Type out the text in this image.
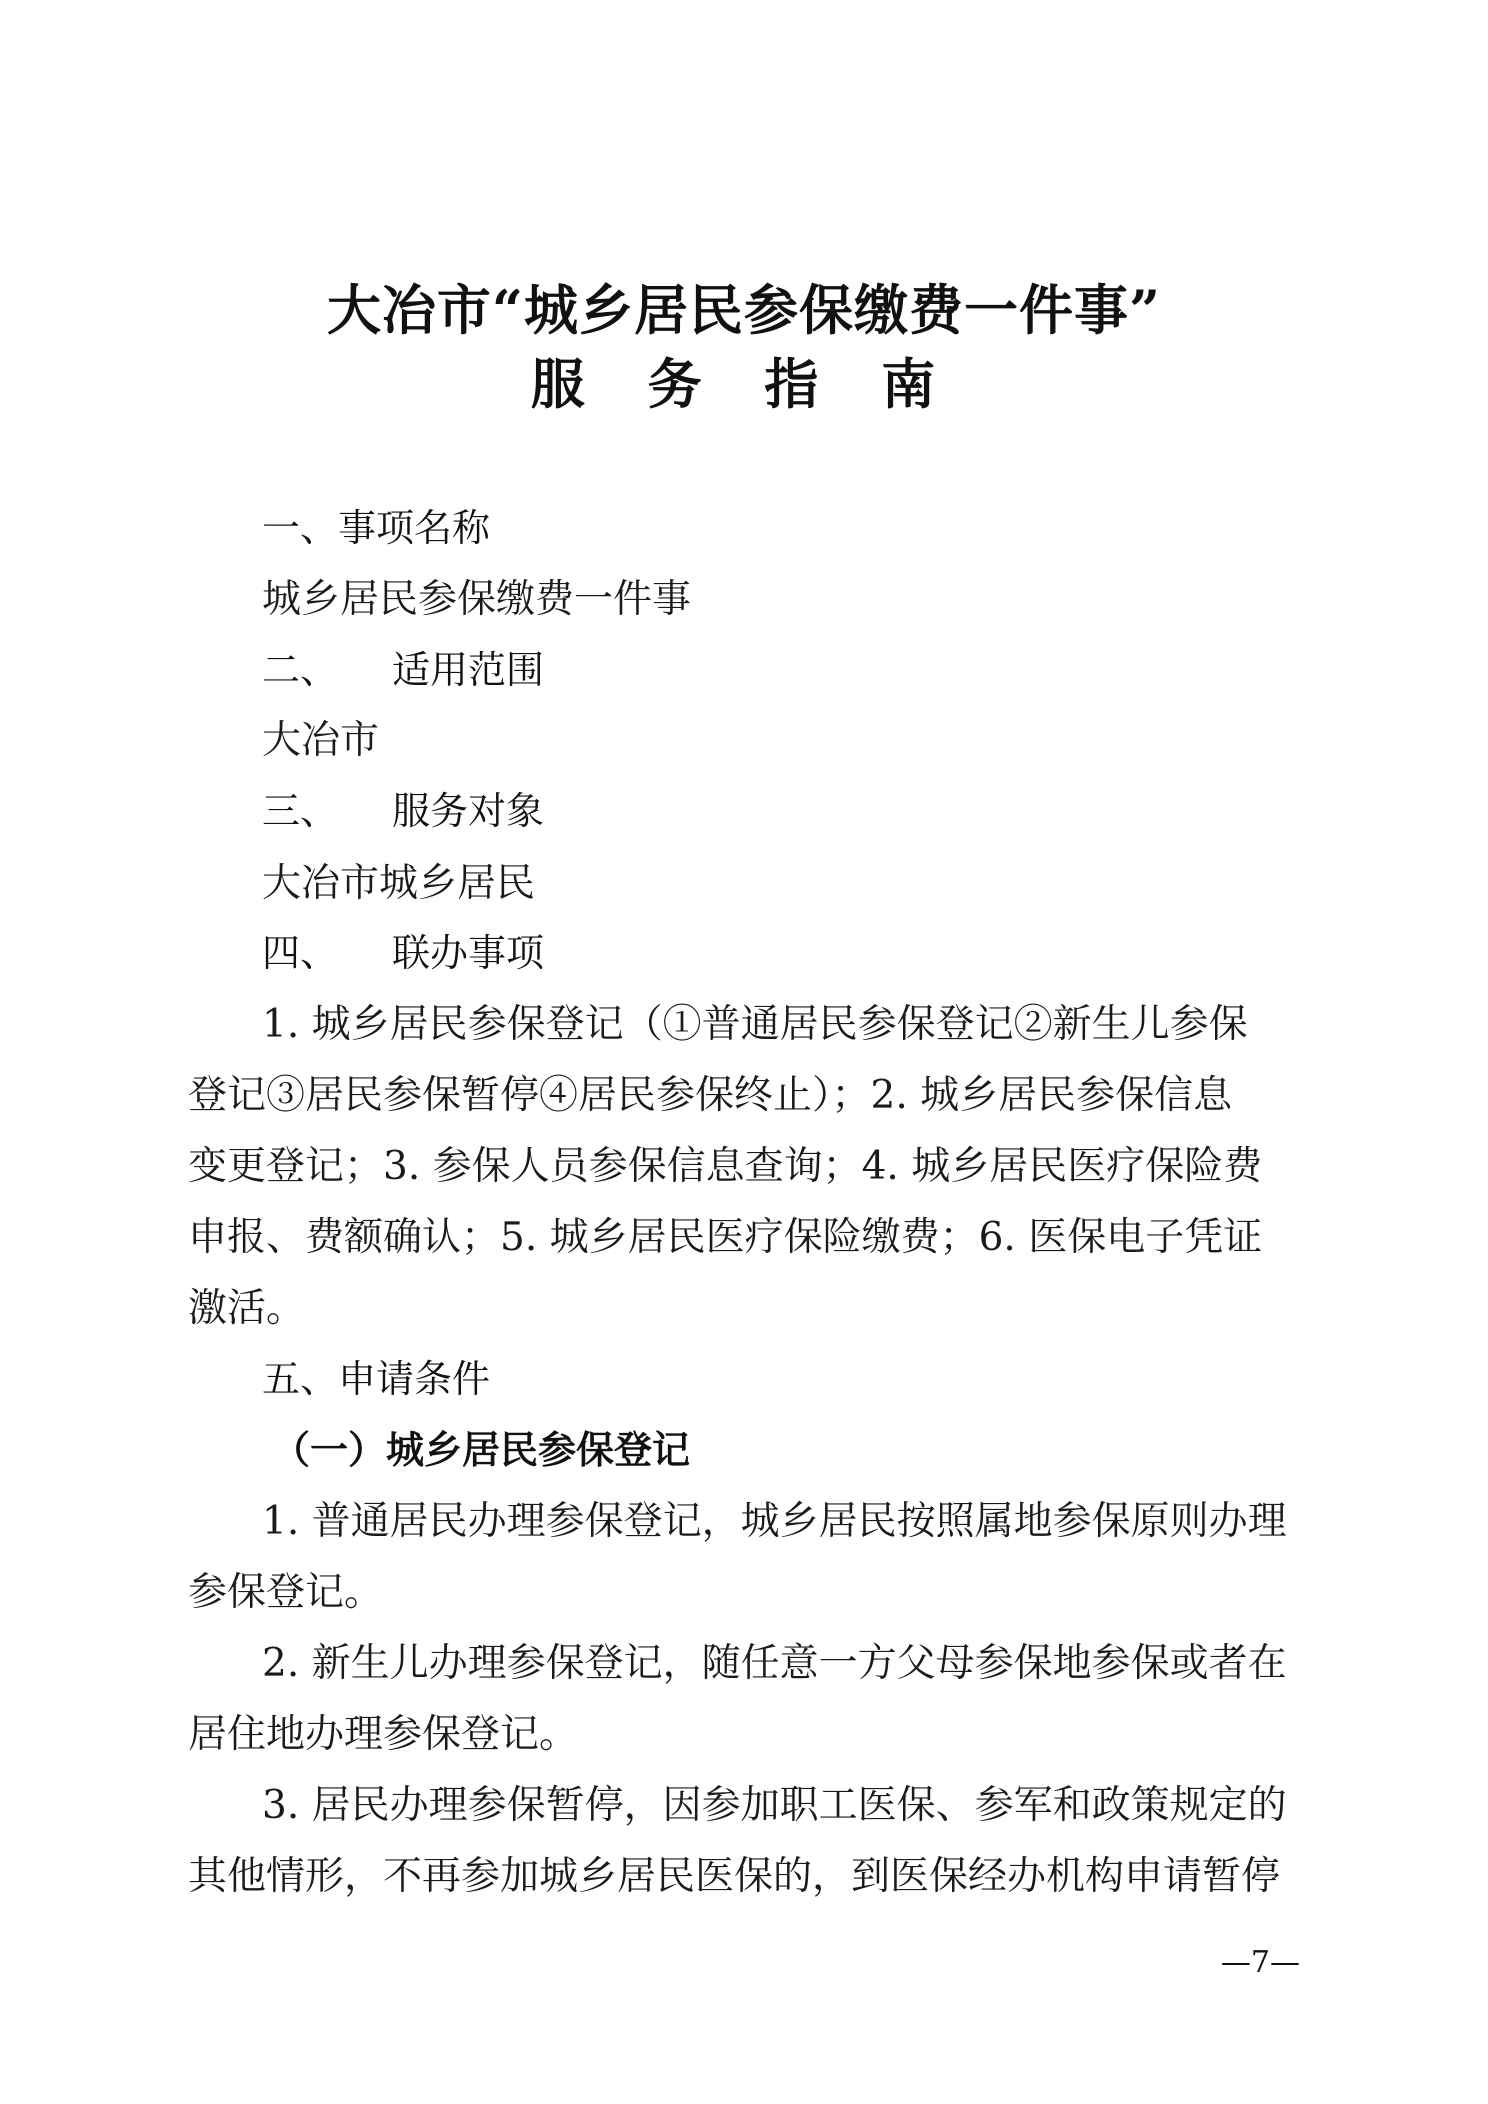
大冶市“城乡居民参保缴费一件事”
服 务 指 南
一、事项名称
城乡居民参保缴费一件事
二、 适用范围
大冶市
三、 服务对象
大冶市城乡居民
四、 联办事项
1. 城乡居民参保登记（①普通居民参保登记②新生儿参保
登记③居民参保暂停④居民参保终止）；2. 城乡居民参保信息
变更登记；3. 参保人员参保信息查询；4. 城乡居民医疗保险费
申报、费额确认；5. 城乡居民医疗保险缴费；6. 医保电子凭证
激活。
五、申请条件
（一）城乡居民参保登记
1. 普通居民办理参保登记，城乡居民按照属地参保原则办理
参保登记。
2. 新生儿办理参保登记，随任意一方父母参保地参保或者在
居住地办理参保登记。
3. 居民办理参保暂停，因参加职工医保、参军和政策规定的
其他情形，不再参加城乡居民医保的，到医保经办机构申请暂停
—7—
